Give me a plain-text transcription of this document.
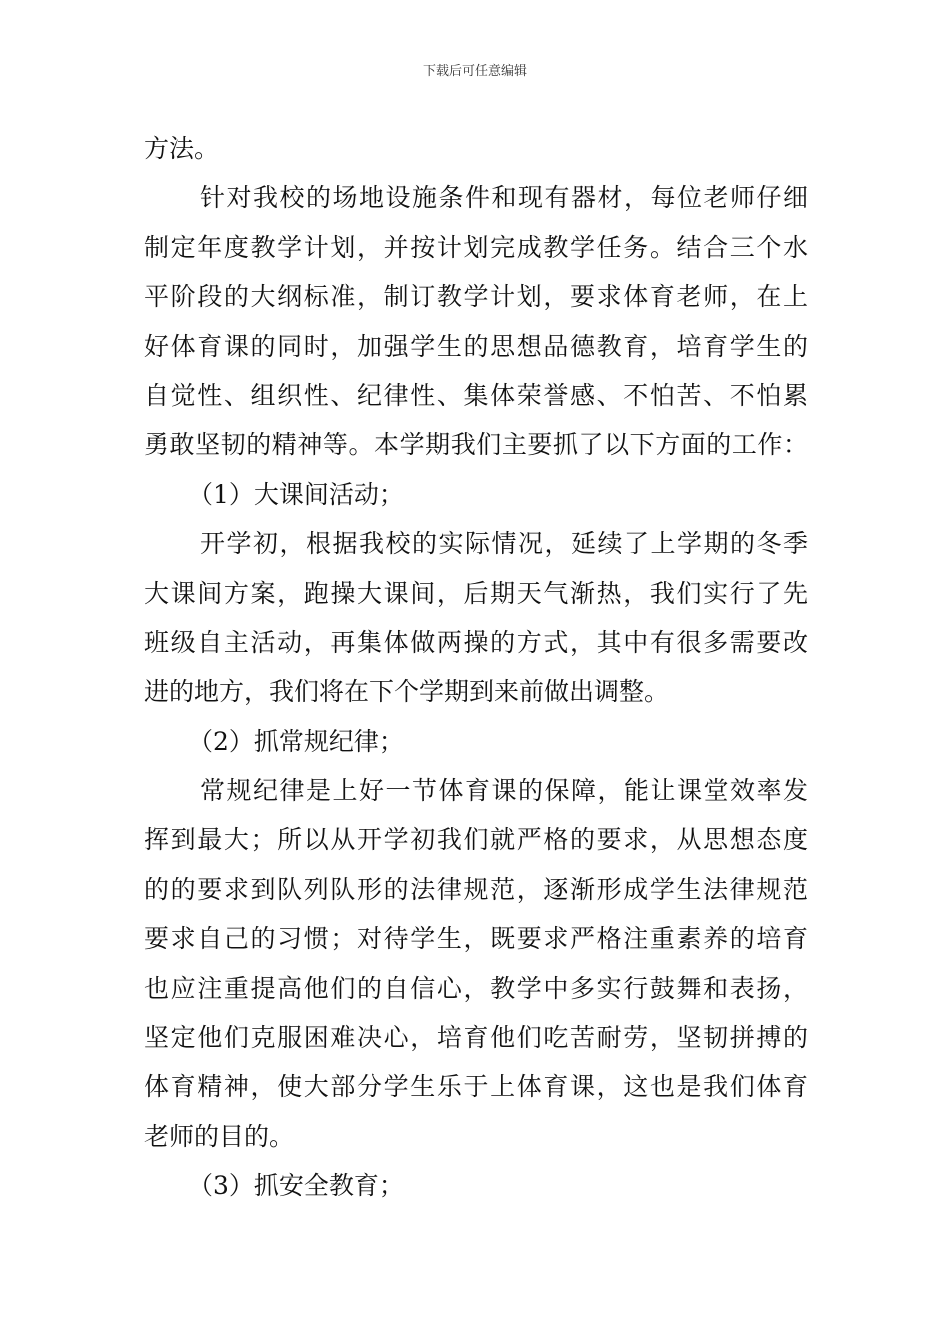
下载后可任意编辑
方法。
针对我校的场地设施条件和现有器材，每位老师仔细
制定年度教学计划，并按计划完成教学任务。结合三个水
平阶段的大纲标准，制订教学计划，要求体育老师，在上
好体育课的同时，加强学生的思想品德教育，培育学生的
自觉性、组织性、纪律性、集体荣誉感、不怕苦、不怕累
勇敢坚韧的精神等。本学期我们主要抓了以下方面的工作：
（1）大课间活动；
开学初，根据我校的实际情况，延续了上学期的冬季
大课间方案，跑操大课间，后期天气渐热，我们实行了先
班级自主活动，再集体做两操的方式，其中有很多需要改
进的地方，我们将在下个学期到来前做出调整。
（2）抓常规纪律；
常规纪律是上好一节体育课的保障，能让课堂效率发
挥到最大；所以从开学初我们就严格的要求，从思想态度
的的要求到队列队形的法律规范，逐渐形成学生法律规范
要求自己的习惯；对待学生，既要求严格注重素养的培育
也应注重提高他们的自信心，教学中多实行鼓舞和表扬，
坚定他们克服困难决心，培育他们吃苦耐劳，坚韧拼搏的
体育精神，使大部分学生乐于上体育课，这也是我们体育
老师的目的。
（3）抓安全教育；
